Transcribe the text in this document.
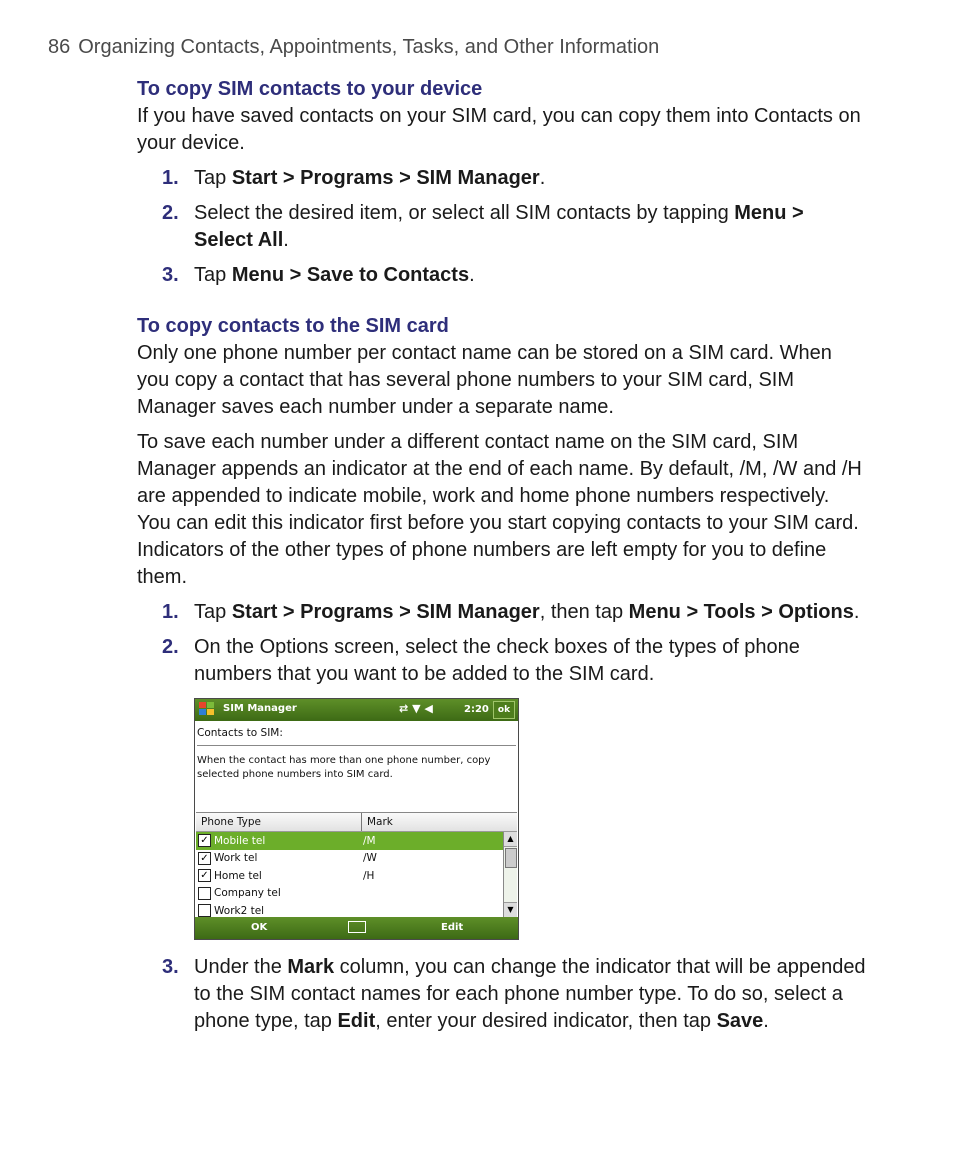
86 Organizing Contacts, Appointments, Tasks, and Other Information
To copy SIM contacts to your device

If you have saved contacts on your SIM card, you can copy them into Contacts on your device.

1. Tap Start > Programs > SIM Manager.
2. Select the desired item, or select all SIM contacts by tapping Menu > Select All.
3. Tap Menu > Save to Contacts.
To copy contacts to the SIM card

Only one phone number per contact name can be stored on a SIM card. When you copy a contact that has several phone numbers to your SIM card, SIM Manager saves each number under a separate name.

To save each number under a different contact name on the SIM card, SIM Manager appends an indicator at the end of each name. By default, /M, /W and /H are appended to indicate mobile, work and home phone numbers respectively. You can edit this indicator first before you start copying contacts to your SIM card. Indicators of the other types of phone numbers are left empty for you to define them.

1. Tap Start > Programs > SIM Manager, then tap Menu > Tools > Options.
2. On the Options screen, select the check boxes of the types of phone numbers that you want to be added to the SIM card.
SIM Manager	⇄ ▼ ◀	2:20	ok
Contacts to SIM:
When the contact has more than one phone number, copy selected phone numbers into SIM card.
Phone Type	Mark
✓ Mobile tel	/M
✓ Work tel	/W
✓ Home tel	/H
Company tel
Work2 tel
▲
▼
OK	Edit
3. Under the Mark column, you can change the indicator that will be appended to the SIM contact names for each phone number type. To do so, select a phone type, tap Edit, enter your desired indicator, then tap Save.
